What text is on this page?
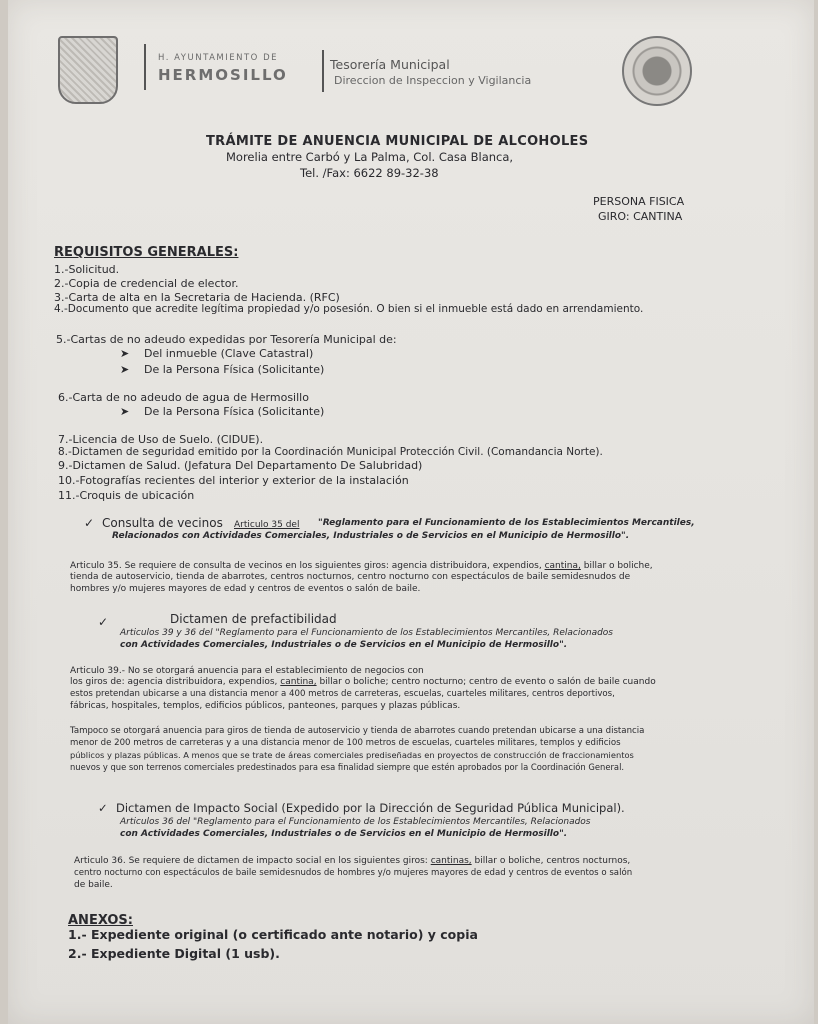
H. AYUNTAMIENTO DE
HERMOSILLO
Tesorería Municipal
Direccion de Inspeccion y Vigilancia
TRÁMITE DE ANUENCIA MUNICIPAL DE ALCOHOLES
Morelia entre Carbó y La Palma, Col. Casa Blanca,
Tel. /Fax: 6622 89-32-38
PERSONA FISICA
GIRO: CANTINA
REQUISITOS GENERALES:
1.-Solicitud.
2.-Copia de credencial de elector.
3.-Carta de alta en la Secretaria de Hacienda. (RFC)
4.-Documento que acredite legítima propiedad y/o posesión. O bien si el inmueble está dado en arrendamiento.
5.-Cartas de no adeudo expedidas por Tesorería Municipal de:
➤ Del inmueble (Clave Catastral)
➤ De la Persona Física (Solicitante)
6.-Carta de no adeudo de agua de Hermosillo
➤ De la Persona Física (Solicitante)
7.-Licencia de Uso de Suelo. (CIDUE).
8.-Dictamen de seguridad emitido por la Coordinación Municipal Protección Civil. (Comandancia Norte).
9.-Dictamen de Salud. (Jefatura Del Departamento De Salubridad)
10.-Fotografías recientes del interior y exterior de la instalación
11.-Croquis de ubicación
✓ Consulta de vecinos Articulo 35 del "Reglamento para el Funcionamiento de los Establecimientos Mercantiles,
Relacionados con Actividades Comerciales, Industriales o de Servicios en el Municipio de Hermosillo".
Articulo 35. Se requiere de consulta de vecinos en los siguientes giros: agencia distribuidora, expendios, cantina, billar o boliche,
tienda de autoservicio, tienda de abarrotes, centros nocturnos, centro nocturno con espectáculos de baile semidesnudos de
hombres y/o mujeres mayores de edad y centros de eventos o salón de baile.
✓	Dictamen de prefactibilidad
Articulos 39 y 36 del "Reglamento para el Funcionamiento de los Establecimientos Mercantiles, Relacionados
con Actividades Comerciales, Industriales o de Servicios en el Municipio de Hermosillo".
Articulo 39.- No se otorgará anuencia para el establecimiento de negocios con
los giros de: agencia distribuidora, expendios, cantina, billar o boliche; centro nocturno; centro de evento o salón de baile cuando
estos pretendan ubicarse a una distancia menor a 400 metros de carreteras, escuelas, cuarteles militares, centros deportivos,
fábricas, hospitales, templos, edificios públicos, panteones, parques y plazas públicas.
Tampoco se otorgará anuencia para giros de tienda de autoservicio y tienda de abarrotes cuando pretendan ubicarse a una distancia
menor de 200 metros de carreteras y a una distancia menor de 100 metros de escuelas, cuarteles militares, templos y edificios
públicos y plazas públicas. A menos que se trate de áreas comerciales prediseñadas en proyectos de construcción de fraccionamientos
nuevos y que son terrenos comerciales predestinados para esa finalidad siempre que estén aprobados por la Coordinación General.
✓ Dictamen de Impacto Social (Expedido por la Dirección de Seguridad Pública Municipal).
Articulos 36 del "Reglamento para el Funcionamiento de los Establecimientos Mercantiles, Relacionados
con Actividades Comerciales, Industriales o de Servicios en el Municipio de Hermosillo".
Articulo 36. Se requiere de dictamen de impacto social en los siguientes giros: cantinas, billar o boliche, centros nocturnos,
centro nocturno con espectáculos de baile semidesnudos de hombres y/o mujeres mayores de edad y centros de eventos o salón
de baile.
ANEXOS:
1.- Expediente original (o certificado ante notario) y copia
2.- Expediente Digital (1 usb).
